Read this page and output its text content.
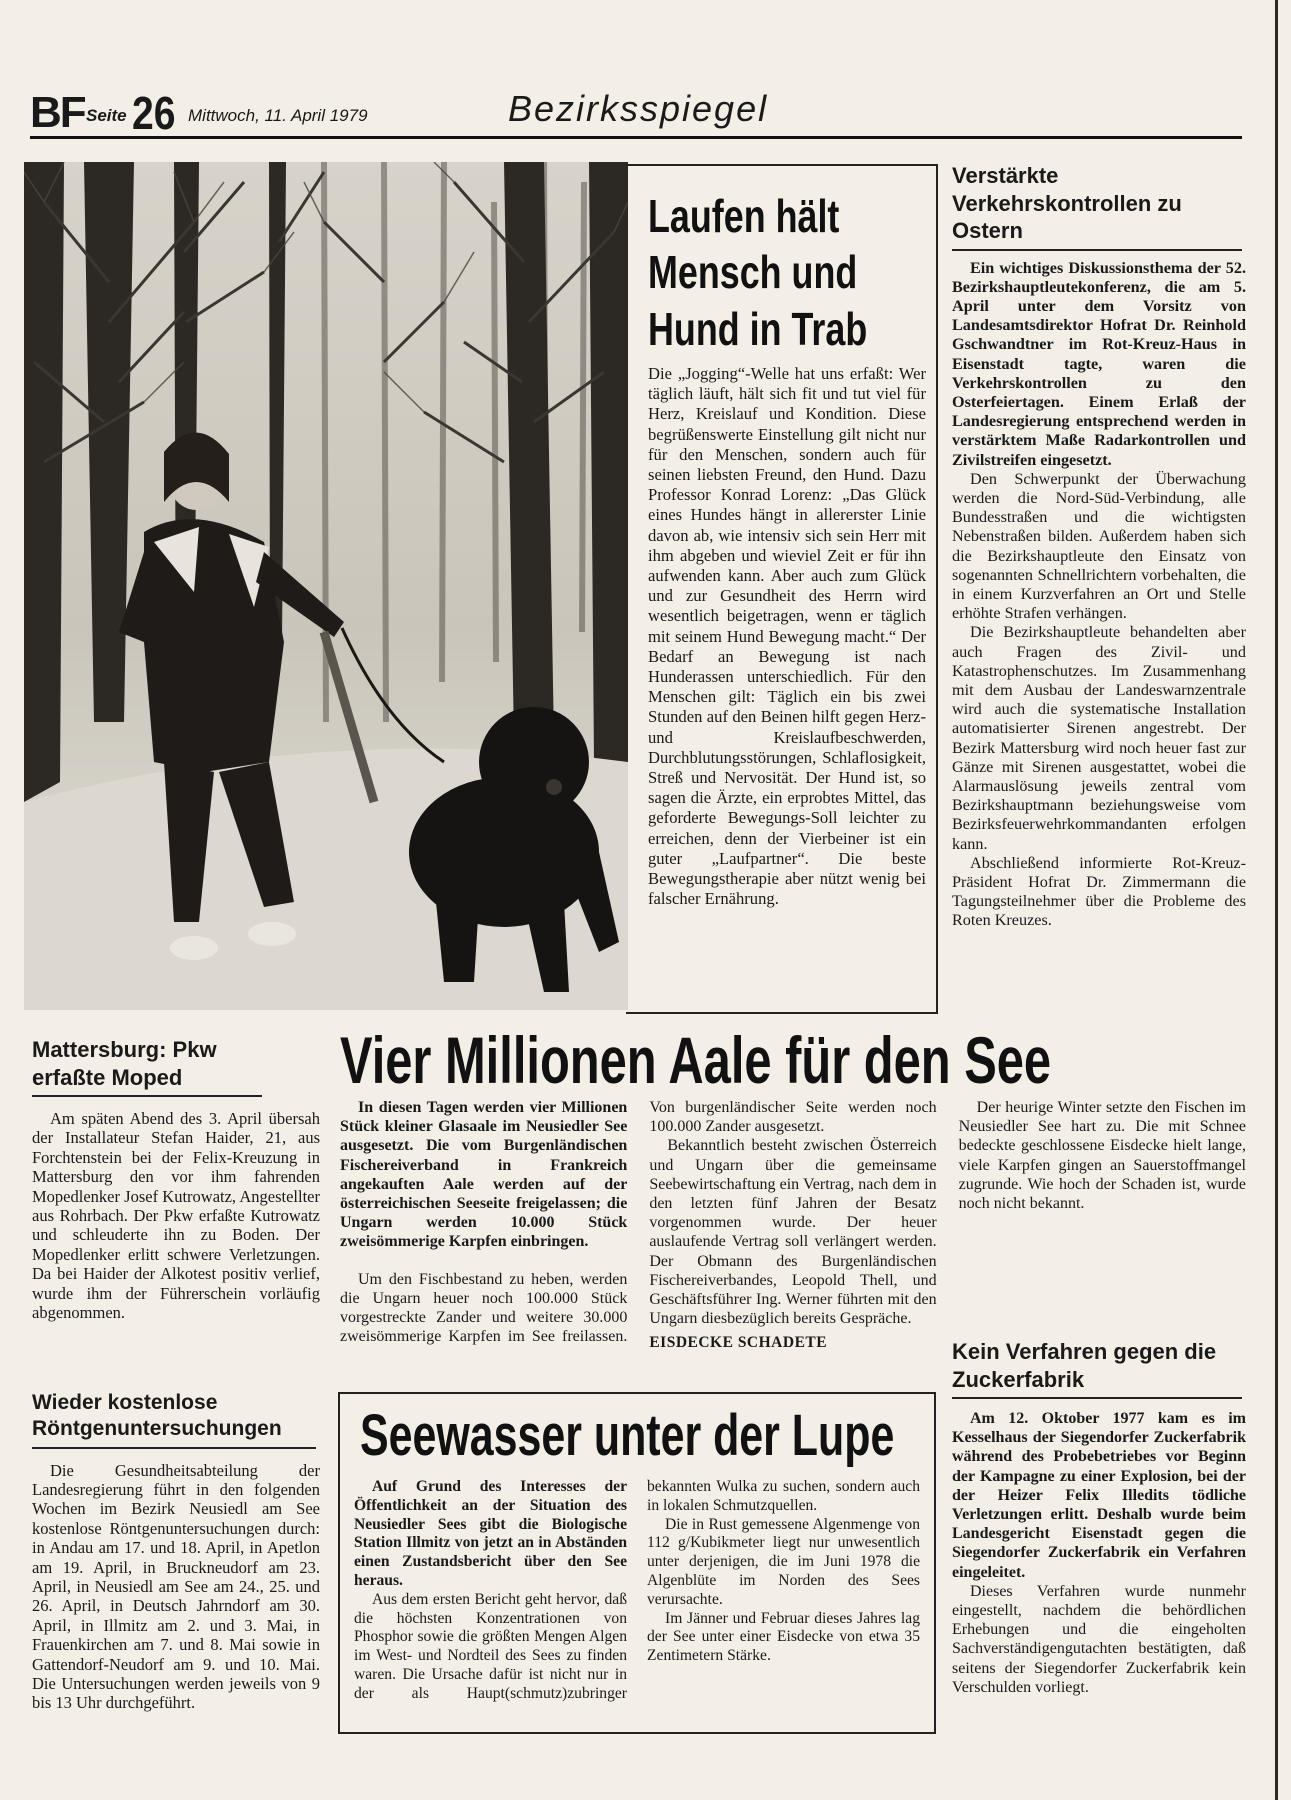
BF Seite 26 Mittwoch, 11. April 1979	Bezirksspiegel
Laufen hält
Mensch und
Hund in Trab

Die „Jogging“-Welle hat uns erfaßt: Wer täglich läuft, hält sich fit und tut viel für Herz, Kreislauf und Kondition. Diese begrüßenswerte Einstellung gilt nicht nur für den Menschen, sondern auch für seinen liebsten Freund, den Hund. Dazu Professor Konrad Lorenz: „Das Glück eines Hundes hängt in allererster Linie davon ab, wie intensiv sich sein Herr mit ihm abgeben und wieviel Zeit er für ihn aufwenden kann. Aber auch zum Glück und zur Gesundheit des Herrn wird wesentlich beigetragen, wenn er täglich mit seinem Hund Bewegung macht.“ Der Bedarf an Bewegung ist nach Hunderassen unterschiedlich. Für den Menschen gilt: Täglich ein bis zwei Stunden auf den Beinen hilft gegen Herz- und Kreislaufbeschwerden, Durchblutungsstörungen, Schlaflosigkeit, Streß und Nervosität. Der Hund ist, so sagen die Ärzte, ein erprobtes Mittel, das geforderte Bewegungs-Soll leichter zu erreichen, denn der Vierbeiner ist ein guter „Laufpartner“. Die beste Bewegungstherapie aber nützt wenig bei falscher Ernährung.

Verstärkte Verkehrskontrollen zu Ostern

Ein wichtiges Diskussionsthema der 52. Bezirkshauptleutekonferenz, die am 5. April unter dem Vorsitz von Landesamtsdirektor Hofrat Dr. Reinhold Gschwandtner im Rot-Kreuz-Haus in Eisenstadt tagte, waren die Verkehrskontrollen zu den Osterfeiertagen. Einem Erlaß der Landesregierung entsprechend werden in verstärktem Maße Radarkontrollen und Zivilstreifen eingesetzt.

Den Schwerpunkt der Überwachung werden die Nord-Süd-Verbindung, alle Bundesstraßen und die wichtigsten Nebenstraßen bilden. Außerdem haben sich die Bezirkshauptleute den Einsatz von sogenannten Schnellrichtern vorbehalten, die in einem Kurzverfahren an Ort und Stelle erhöhte Strafen verhängen.

Die Bezirkshauptleute behandelten aber auch Fragen des Zivil- und Katastrophenschutzes. Im Zusammenhang mit dem Ausbau der Landeswarnzentrale wird auch die systematische Installation automatisierter Sirenen angestrebt. Der Bezirk Mattersburg wird noch heuer fast zur Gänze mit Sirenen ausgestattet, wobei die Alarmauslösung jeweils zentral vom Bezirkshauptmann beziehungsweise vom Bezirksfeuerwehrkommandanten erfolgen kann.

Abschließend informierte Rot-Kreuz-Präsident Hofrat Dr. Zimmermann die Tagungsteilnehmer über die Probleme des Roten Kreuzes.

Mattersburg: Pkw erfaßte Moped

Am späten Abend des 3. April übersah der Installateur Stefan Haider, 21, aus Forchtenstein bei der Felix-Kreuzung in Mattersburg den vor ihm fahrenden Mopedlenker Josef Kutrowatz, Angestellter aus Rohrbach. Der Pkw erfaßte Kutrowatz und schleuderte ihn zu Boden. Der Mopedlenker erlitt schwere Verletzungen. Da bei Haider der Alkotest positiv verlief, wurde ihm der Führerschein vorläufig abgenommen.

Vier Millionen Aale für den See

In diesen Tagen werden vier Millionen Stück kleiner Glasaale im Neusiedler See ausgesetzt. Die vom Burgenländischen Fischereiverband in Frankreich angekauften Aale werden auf der österreichischen Seeseite freigelassen; die Ungarn werden 10.000 Stück zweisömmerige Karpfen einbringen.

Um den Fischbestand zu heben, werden die Ungarn heuer noch 100.000 Stück vorgestreckte Zander und weitere 30.000 zweisömmerige Karpfen im See freilassen. Von burgenländischer Seite werden noch 100.000 Zander ausgesetzt.

Bekanntlich besteht zwischen Österreich und Ungarn über die gemeinsame Seebewirtschaftung ein Vertrag, nach dem in den letzten fünf Jahren der Besatz vorgenommen wurde. Der heuer auslaufende Vertrag soll verlängert werden. Der Obmann des Burgenländischen Fischereiverbandes, Leopold Thell, und Geschäftsführer Ing. Werner führten mit den Ungarn diesbezüglich bereits Gespräche.

EISDECKE SCHADETE

Der heurige Winter setzte den Fischen im Neusiedler See hart zu. Die mit Schnee bedeckte geschlossene Eisdecke hielt lange, viele Karpfen gingen an Sauerstoffmangel zugrunde. Wie hoch der Schaden ist, wurde noch nicht bekannt.

Wieder kostenlose Röntgenuntersuchungen

Die Gesundheitsabteilung der Landesregierung führt in den folgenden Wochen im Bezirk Neusiedl am See kostenlose Röntgenuntersuchungen durch: in Andau am 17. und 18. April, in Apetlon am 19. April, in Bruckneudorf am 23. April, in Neusiedl am See am 24., 25. und 26. April, in Deutsch Jahrndorf am 30. April, in Illmitz am 2. und 3. Mai, in Frauenkirchen am 7. und 8. Mai sowie in Gattendorf-Neudorf am 9. und 10. Mai. Die Untersuchungen werden jeweils von 9 bis 13 Uhr durchgeführt.

Seewasser unter der Lupe

Auf Grund des Interesses der Öffentlichkeit an der Situation des Neusiedler Sees gibt die Biologische Station Illmitz von jetzt an in Abständen einen Zustandsbericht über den See heraus.

Aus dem ersten Bericht geht hervor, daß die höchsten Konzentrationen von Phosphor sowie die größten Mengen Algen im West- und Nordteil des Sees zu finden waren. Die Ursache dafür ist nicht nur in der als Haupt(schmutz)zubringer bekannten Wulka zu suchen, sondern auch in lokalen Schmutzquellen.

Die in Rust gemessene Algenmenge von 112 g/Kubikmeter liegt nur unwesentlich unter derjenigen, die im Juni 1978 die Algenblüte im Norden des Sees verursachte.

Im Jänner und Februar dieses Jahres lag der See unter einer Eisdecke von etwa 35 Zentimetern Stärke.

Kein Verfahren gegen die Zuckerfabrik

Am 12. Oktober 1977 kam es im Kesselhaus der Siegendorfer Zuckerfabrik während des Probebetriebes vor Beginn der Kampagne zu einer Explosion, bei der der Heizer Felix Illedits tödliche Verletzungen erlitt. Deshalb wurde beim Landesgericht Eisenstadt gegen die Siegendorfer Zuckerfabrik ein Verfahren eingeleitet.

Dieses Verfahren wurde nunmehr eingestellt, nachdem die behördlichen Erhebungen und die eingeholten Sachverständigengutachten bestätigten, daß seitens der Siegendorfer Zuckerfabrik kein Verschulden vorliegt.
